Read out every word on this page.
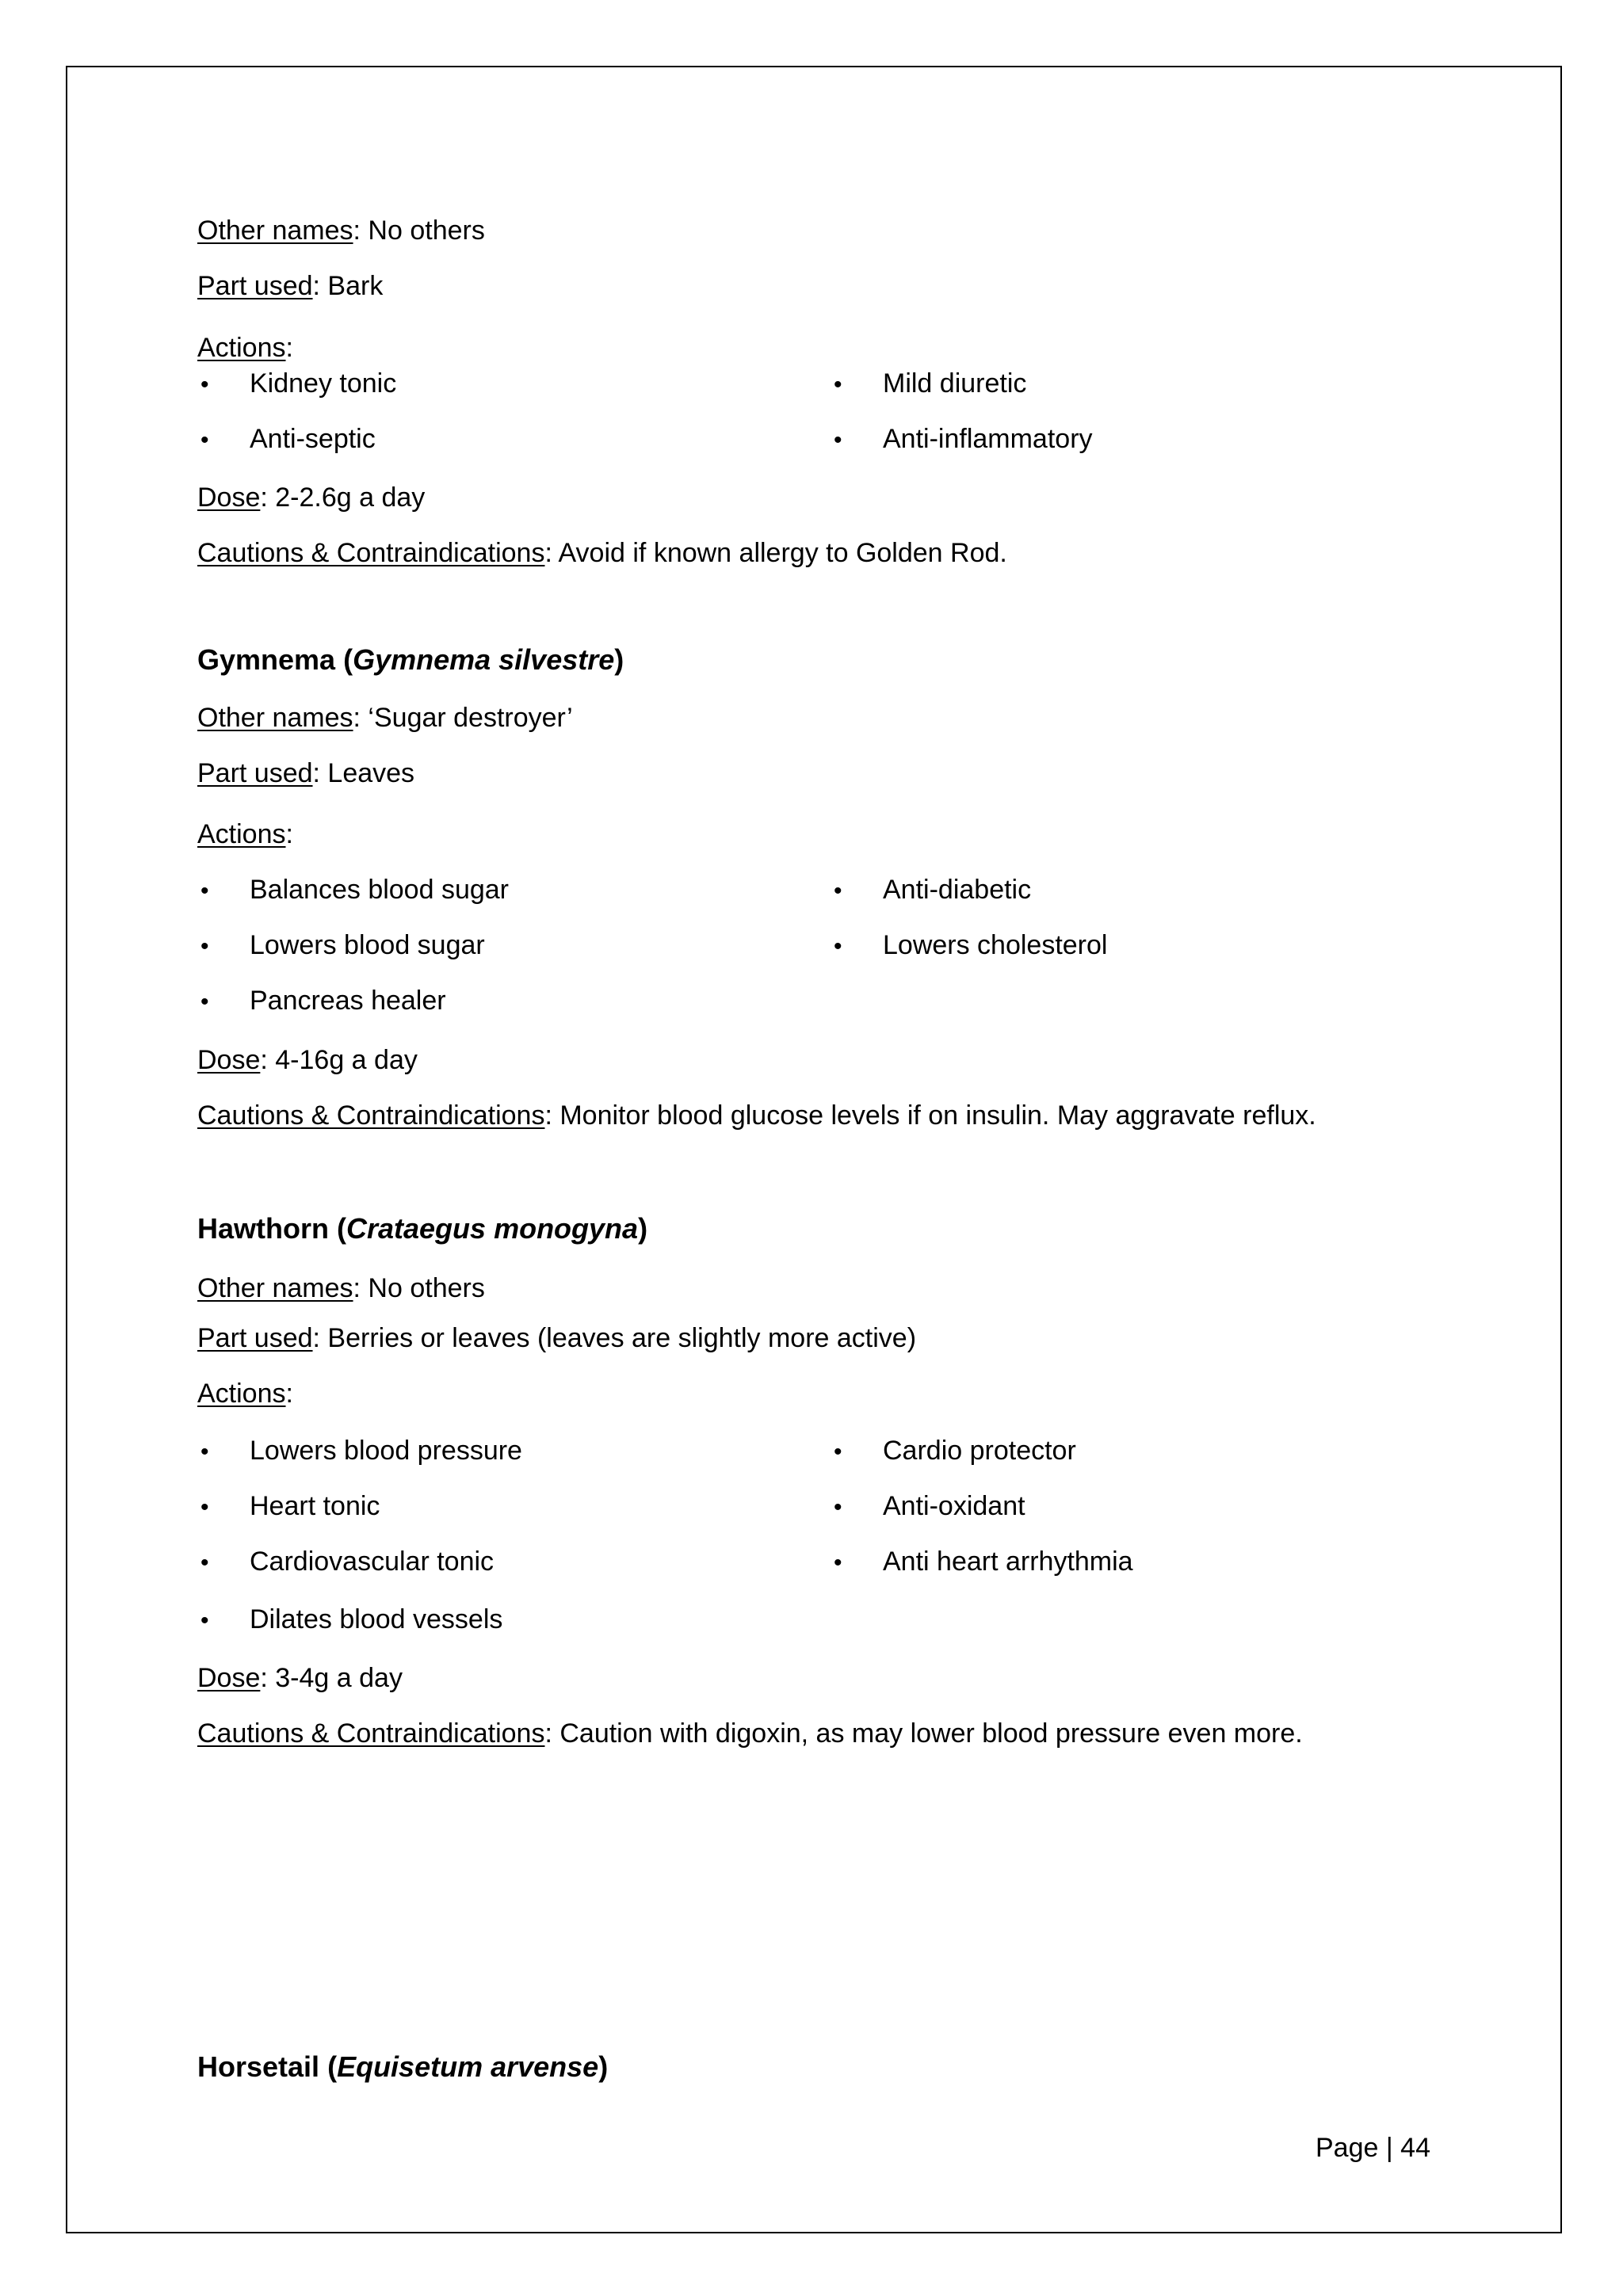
Other names: No others
Part used: Bark
Actions:
• Kidney tonic	• Mild diuretic
• Anti-septic	• Anti-inflammatory
Dose: 2-2.6g a day
Cautions & Contraindications: Avoid if known allergy to Golden Rod.
Gymnema (Gymnema silvestre)
Other names: ‘Sugar destroyer’
Part used: Leaves
Actions:
• Balances blood sugar	• Anti-diabetic
• Lowers blood sugar	• Lowers cholesterol
• Pancreas healer
Dose: 4-16g a day
Cautions & Contraindications: Monitor blood glucose levels if on insulin. May aggravate reflux.
Hawthorn (Crataegus monogyna)
Other names: No others
Part used: Berries or leaves (leaves are slightly more active)
Actions:
• Lowers blood pressure	• Cardio protector
• Heart tonic	• Anti-oxidant
• Cardiovascular tonic	• Anti heart arrhythmia
• Dilates blood vessels
Dose: 3-4g a day
Cautions & Contraindications: Caution with digoxin, as may lower blood pressure even more.
Horsetail (Equisetum arvense)
Page | 44
